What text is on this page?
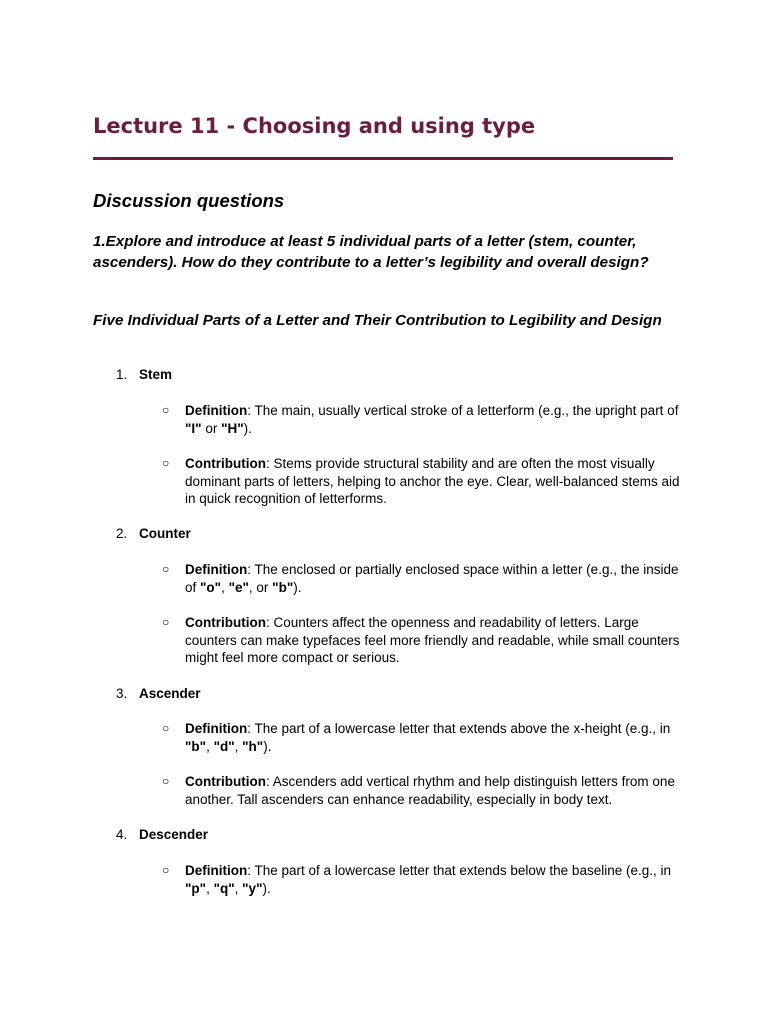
Lecture 11 - Choosing and using type
Discussion questions

1.Explore and introduce at least 5 individual parts of a letter (stem, counter, ascenders). How do they contribute to a letter’s legibility and overall design?

Five Individual Parts of a Letter and Their Contribution to Legibility and Design

1. Stem
○ Definition: The main, usually vertical stroke of a letterform (e.g., the upright part of "I" or "H").
○ Contribution: Stems provide structural stability and are often the most visually dominant parts of letters, helping to anchor the eye. Clear, well-balanced stems aid in quick recognition of letterforms.
2. Counter
○ Definition: The enclosed or partially enclosed space within a letter (e.g., the inside of "o", "e", or "b").
○ Contribution: Counters affect the openness and readability of letters. Large counters can make typefaces feel more friendly and readable, while small counters might feel more compact or serious.
3. Ascender
○ Definition: The part of a lowercase letter that extends above the x-height (e.g., in "b", "d", "h").
○ Contribution: Ascenders add vertical rhythm and help distinguish letters from one another. Tall ascenders can enhance readability, especially in body text.
4. Descender
○ Definition: The part of a lowercase letter that extends below the baseline (e.g., in "p", "q", "y").
